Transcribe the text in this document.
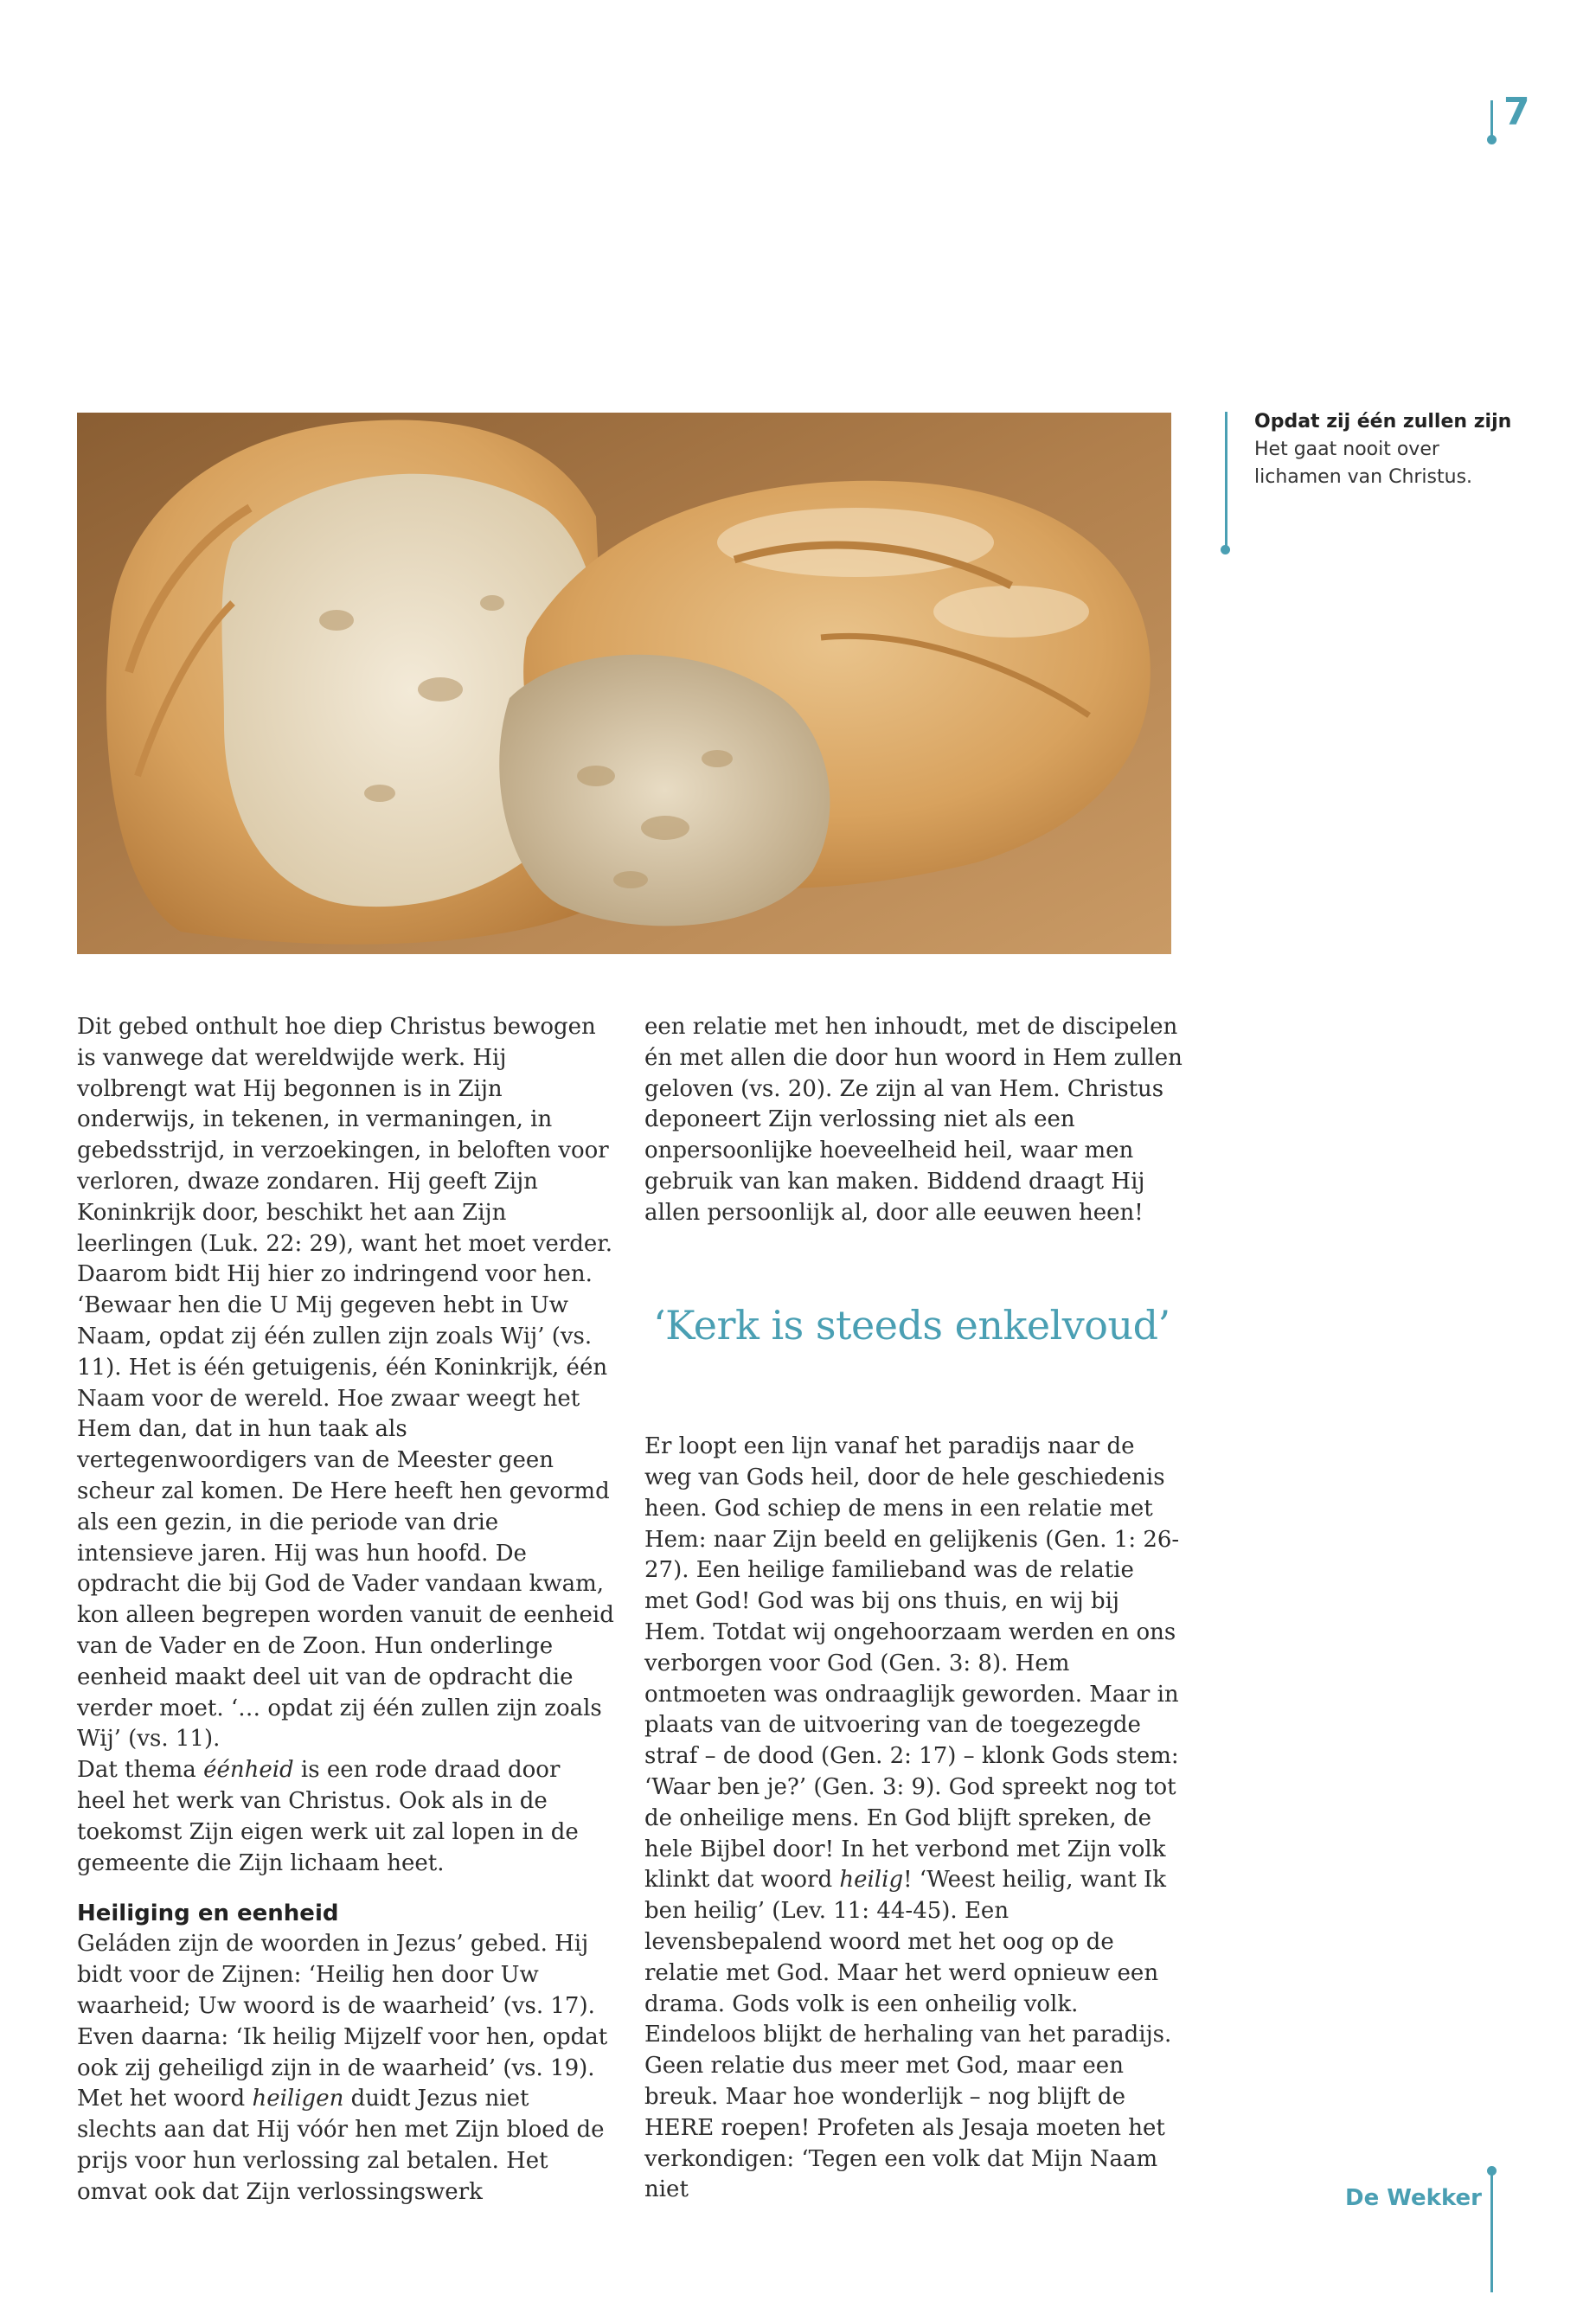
7
Opdat zij één zullen zijn
Het gaat nooit over lichamen van Christus.

Dit gebed onthult hoe diep Christus bewogen is vanwege dat wereldwijde werk. Hij volbrengt wat Hij begonnen is in Zijn onderwijs, in tekenen, in vermaningen, in gebedsstrijd, in verzoekingen, in beloften voor verloren, dwaze zondaren. Hij geeft Zijn Koninkrijk door, beschikt het aan Zijn leerlingen (Luk. 22: 29), want het moet verder. Daarom bidt Hij hier zo indringend voor hen. ‘Bewaar hen die U Mij gegeven hebt in Uw Naam, opdat zij één zullen zijn zoals Wij’ (vs. 11). Het is één getuigenis, één Koninkrijk, één Naam voor de wereld. Hoe zwaar weegt het Hem dan, dat in hun taak als vertegenwoordigers van de Meester geen scheur zal komen. De Here heeft hen gevormd als een gezin, in die periode van drie intensieve jaren. Hij was hun hoofd. De opdracht die bij God de Vader vandaan kwam, kon alleen begrepen worden vanuit de eenheid van de Vader en de Zoon. Hun onderlinge eenheid maakt deel uit van de opdracht die verder moet. ‘… opdat zij één zullen zijn zoals Wij’ (vs. 11).

Dat thema éénheid is een rode draad door heel het werk van Christus. Ook als in de toekomst Zijn eigen werk uit zal lopen in de gemeente die Zijn lichaam heet.

Heiliging en eenheid

Geláden zijn de woorden in Jezus’ gebed. Hij bidt voor de Zijnen: ‘Heilig hen door Uw waarheid; Uw woord is de waarheid’ (vs. 17). Even daarna: ‘Ik heilig Mijzelf voor hen, opdat ook zij geheiligd zijn in de waarheid’ (vs. 19). Met het woord heiligen duidt Jezus niet slechts aan dat Hij vóór hen met Zijn bloed de prijs voor hun verlossing zal betalen. Het omvat ook dat Zijn verlossingswerk

een relatie met hen inhoudt, met de discipelen én met allen die door hun woord in Hem zullen geloven (vs. 20). Ze zijn al van Hem. Christus deponeert Zijn verlossing niet als een onpersoonlijke hoeveelheid heil, waar men gebruik van kan maken. Biddend draagt Hij allen persoonlijk al, door alle eeuwen heen!

‘Kerk is steeds enkelvoud’

Er loopt een lijn vanaf het paradijs naar de weg van Gods heil, door de hele geschiedenis heen. God schiep de mens in een relatie met Hem: naar Zijn beeld en gelijkenis (Gen. 1: 26-27). Een heilige familieband was de relatie met God! God was bij ons thuis, en wij bij Hem. Totdat wij ongehoorzaam werden en ons verborgen voor God (Gen. 3: 8). Hem ontmoeten was ondraaglijk geworden. Maar in plaats van de uitvoering van de toegezegde straf – de dood (Gen. 2: 17) – klonk Gods stem: ‘Waar ben je?’ (Gen. 3: 9). God spreekt nog tot de onheilige mens. En God blijft spreken, de hele Bijbel door! In het verbond met Zijn volk klinkt dat woord heilig! ‘Weest heilig, want Ik ben heilig’ (Lev. 11: 44-45). Een levensbepalend woord met het oog op de relatie met God. Maar het werd opnieuw een drama. Gods volk is een onheilig volk. Eindeloos blijkt de herhaling van het paradijs. Geen relatie dus meer met God, maar een breuk. Maar hoe wonderlijk – nog blijft de HERE roepen! Profeten als Jesaja moeten het verkondigen: ‘Tegen een volk dat Mijn Naam niet	De Wekker
